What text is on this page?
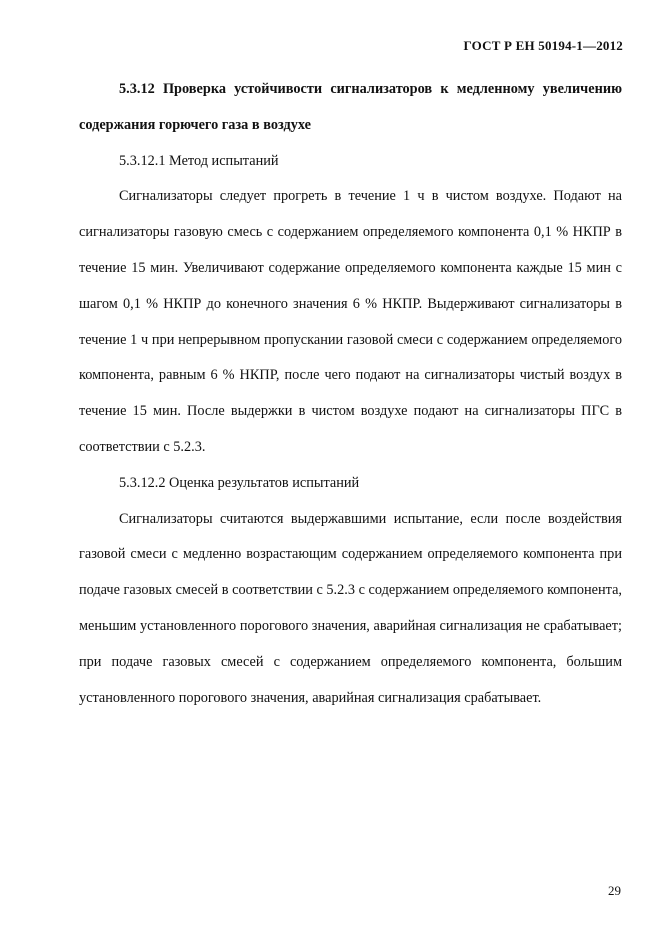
ГОСТ Р ЕН 50194-1—2012

5.3.12 Проверка устойчивости сигнализаторов к медленному увеличению содержания горючего газа в воздухе

5.3.12.1 Метод испытаний

Сигнализаторы следует прогреть в течение 1 ч в чистом воздухе. Подают на сигнализаторы газовую смесь с содержанием определяемого компонента 0,1 % НКПР в течение 15 мин. Увеличивают содержание определяемого компонента каждые 15 мин с шагом 0,1 % НКПР до конечного значения 6 % НКПР. Выдерживают сигнализаторы в течение 1 ч при непрерывном пропускании газовой смеси с содержанием определяемого компонента, равным 6 % НКПР, после чего подают на сигнализаторы чистый воздух в течение 15 мин. После выдержки в чистом воздухе подают на сигнализаторы ПГС в соответствии с 5.2.3.

5.3.12.2 Оценка результатов испытаний

Сигнализаторы считаются выдержавшими испытание, если после воздействия газовой смеси с медленно возрастающим содержанием определяемого компонента при подаче газовых смесей в соответствии с 5.2.3 с содержанием определяемого компонента, меньшим установленного порогового значения, аварийная сигнализация не срабатывает; при подаче газовых смесей с содержанием определяемого компонента, большим установленного порогового значения, аварийная сигнализация срабатывает.

29
